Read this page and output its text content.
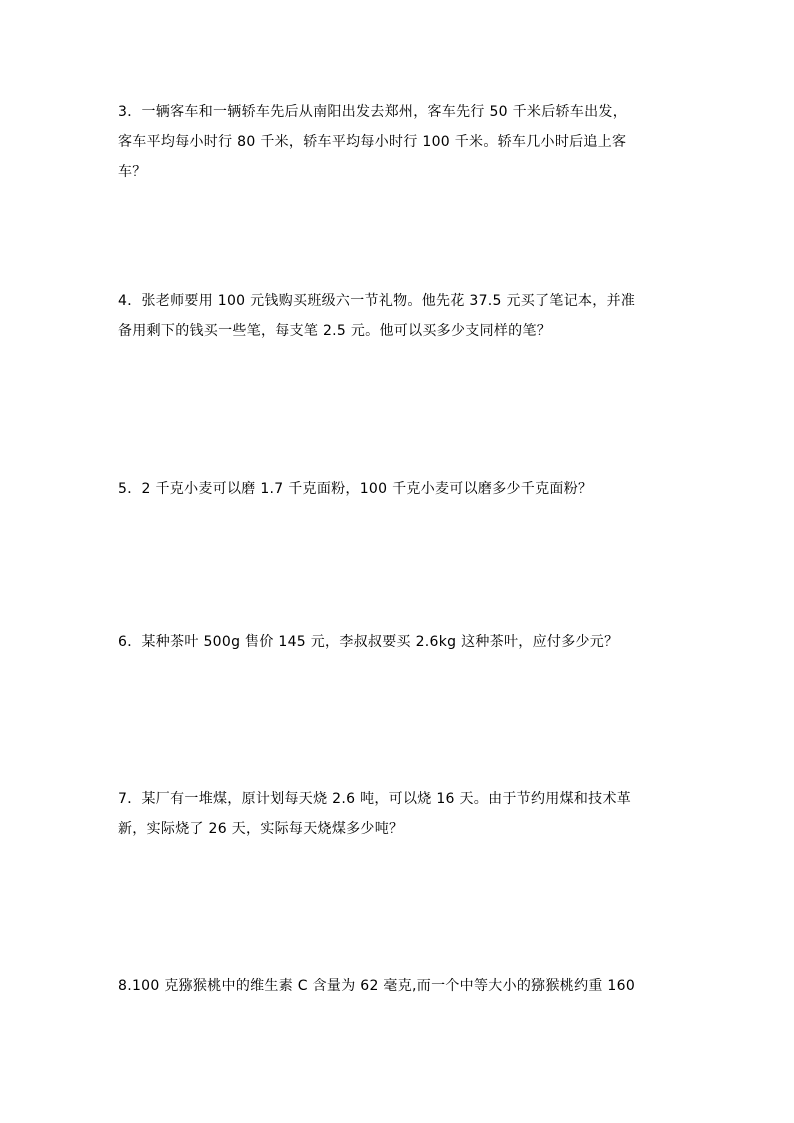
3．一辆客车和一辆轿车先后从南阳出发去郑州，客车先行 50 千米后轿车出发，
客车平均每小时行 80 千米，轿车平均每小时行 100 千米。轿车几小时后追上客
车？
4．张老师要用 100 元钱购买班级六一节礼物。他先花 37.5 元买了笔记本，并准
备用剩下的钱买一些笔，每支笔 2.5 元。他可以买多少支同样的笔？
5．2 千克小麦可以磨 1.7 千克面粉，100 千克小麦可以磨多少千克面粉？
6．某种茶叶 500g 售价 145 元，李叔叔要买 2.6kg 这种茶叶，应付多少元？
7．某厂有一堆煤，原计划每天烧 2.6 吨，可以烧 16 天。由于节约用煤和技术革
新，实际烧了 26 天，实际每天烧煤多少吨？
8.100 克猕猴桃中的维生素 C 含量为 62 毫克,而一个中等大小的猕猴桃约重 160
